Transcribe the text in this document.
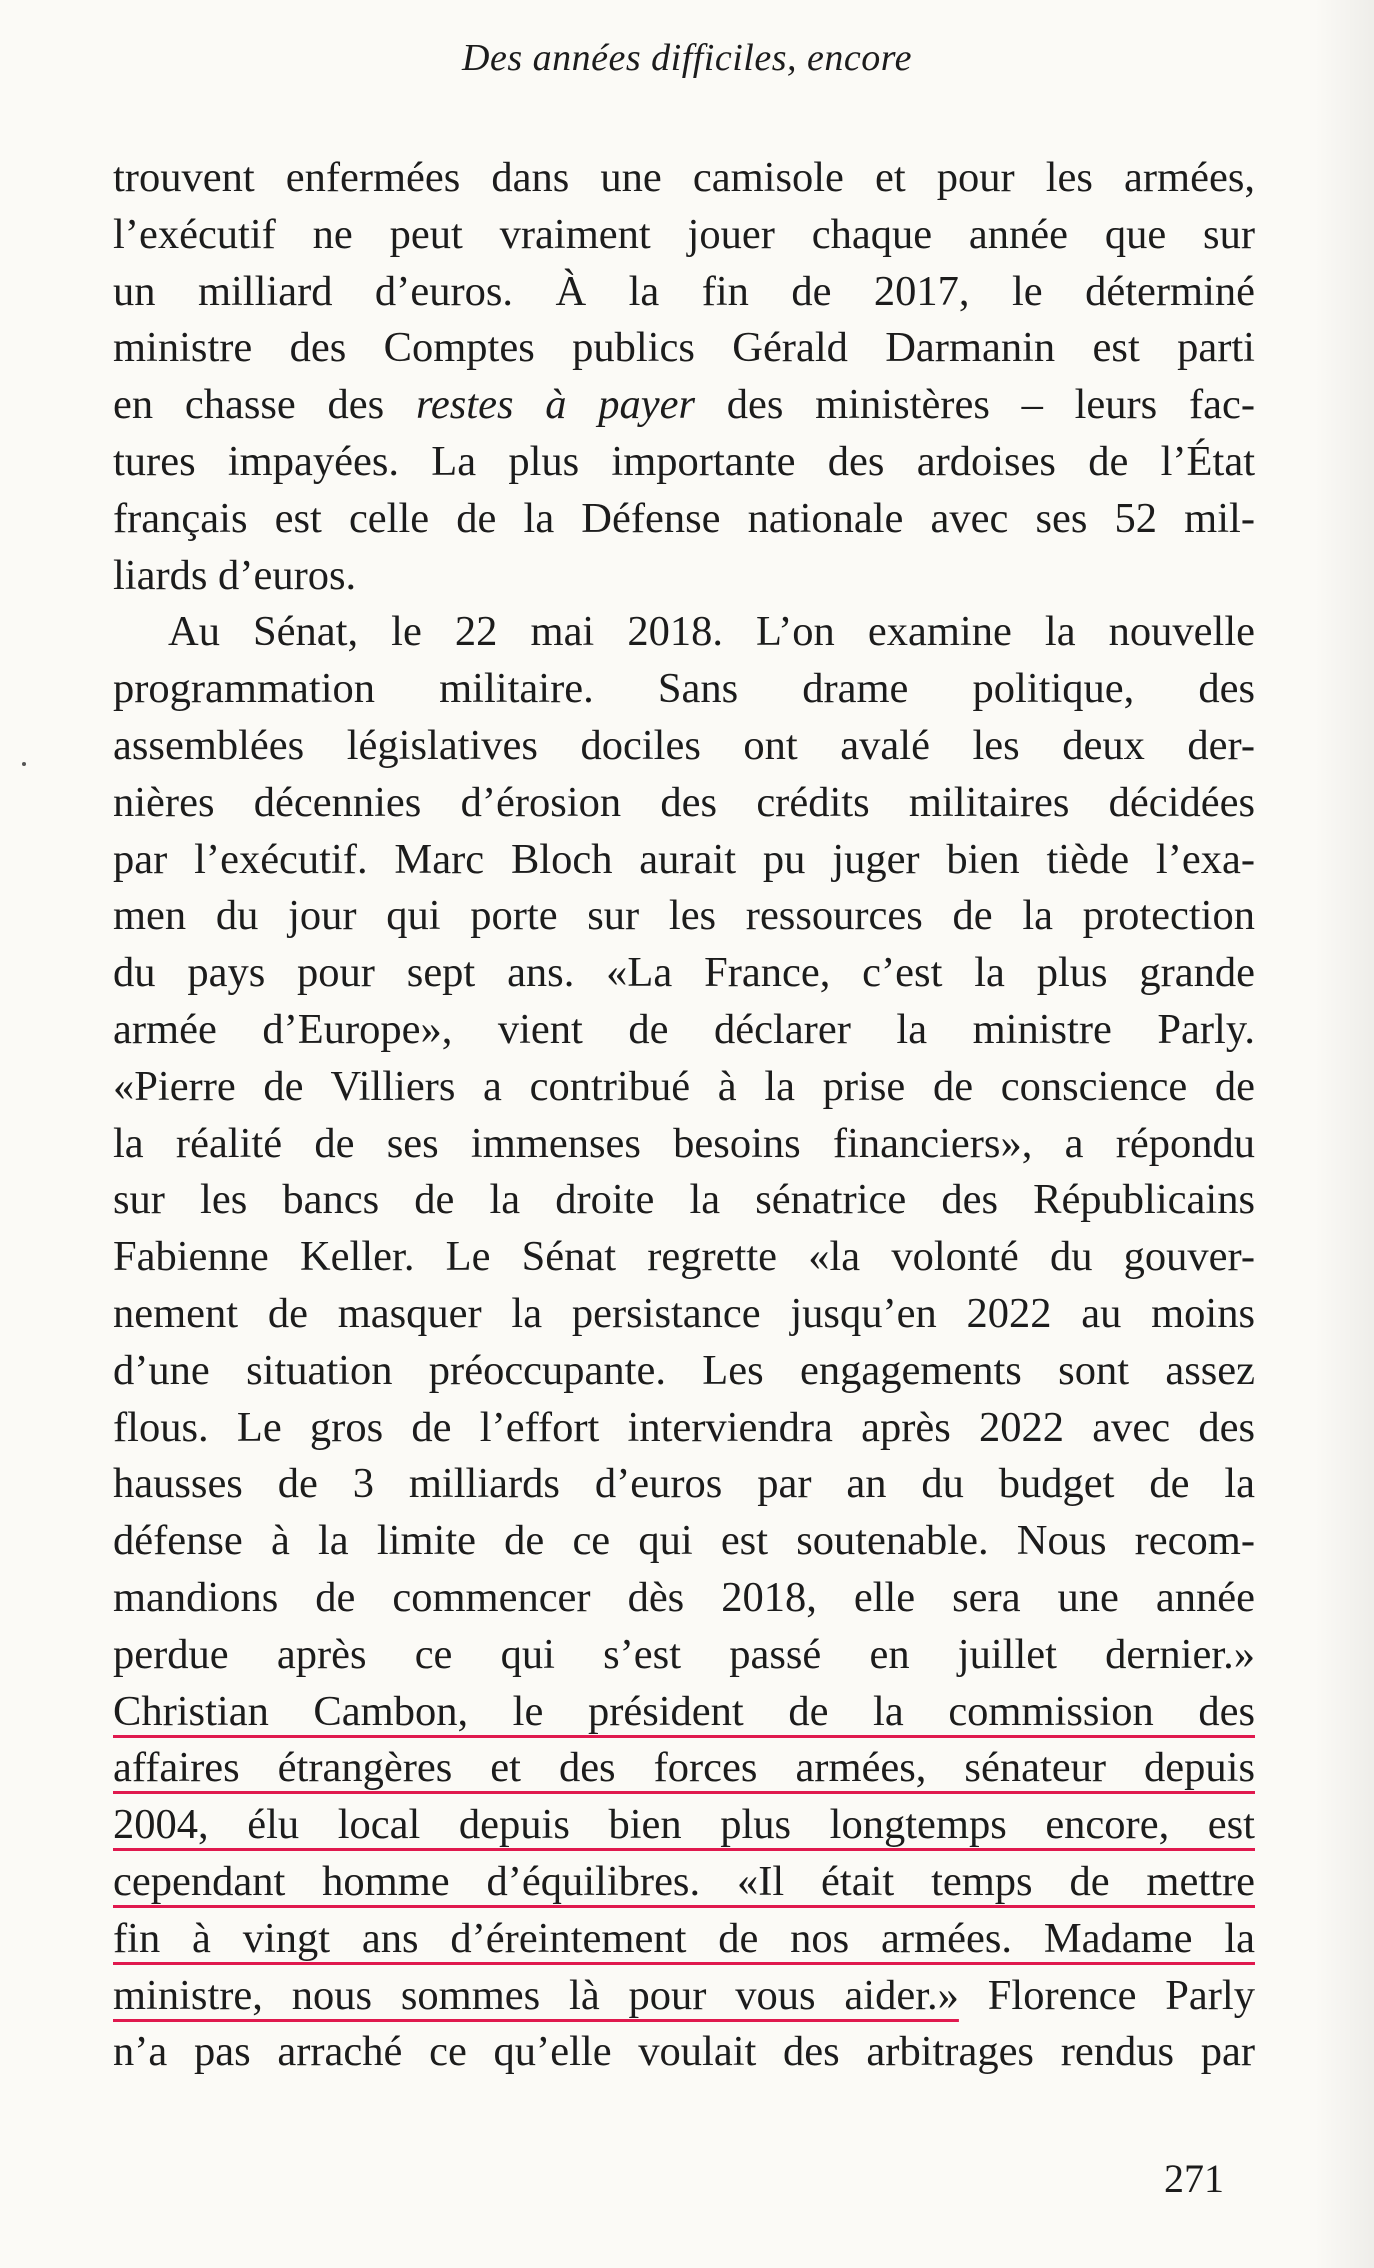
Des années difficiles, encore
trouvent enfermées dans une camisole et pour les armées,
l’exécutif ne peut vraiment jouer chaque année que sur
un milliard d’euros. À la fin de 2017, le déterminé
ministre des Comptes publics Gérald Darmanin est parti
en chasse des restes à payer des ministères – leurs fac-
tures impayées. La plus importante des ardoises de l’État
français est celle de la Défense nationale avec ses 52 mil-
liards d’euros.
Au Sénat, le 22 mai 2018. L’on examine la nouvelle
programmation militaire. Sans drame politique, des
assemblées législatives dociles ont avalé les deux der-
nières décennies d’érosion des crédits militaires décidées
par l’exécutif. Marc Bloch aurait pu juger bien tiède l’exa-
men du jour qui porte sur les ressources de la protection
du pays pour sept ans. «La France, c’est la plus grande
armée d’Europe», vient de déclarer la ministre Parly.
«Pierre de Villiers a contribué à la prise de conscience de
la réalité de ses immenses besoins financiers», a répondu
sur les bancs de la droite la sénatrice des Républicains
Fabienne Keller. Le Sénat regrette «la volonté du gouver-
nement de masquer la persistance jusqu’en 2022 au moins
d’une situation préoccupante. Les engagements sont assez
flous. Le gros de l’effort interviendra après 2022 avec des
hausses de 3 milliards d’euros par an du budget de la
défense à la limite de ce qui est soutenable. Nous recom-
mandions de commencer dès 2018, elle sera une année
perdue après ce qui s’est passé en juillet dernier.»
Christian Cambon, le président de la commission des
affaires étrangères et des forces armées, sénateur depuis
2004, élu local depuis bien plus longtemps encore, est
cependant homme d’équilibres. «Il était temps de mettre
fin à vingt ans d’éreintement de nos armées. Madame la
ministre, nous sommes là pour vous aider.» Florence Parly
n’a pas arraché ce qu’elle voulait des arbitrages rendus par
271
